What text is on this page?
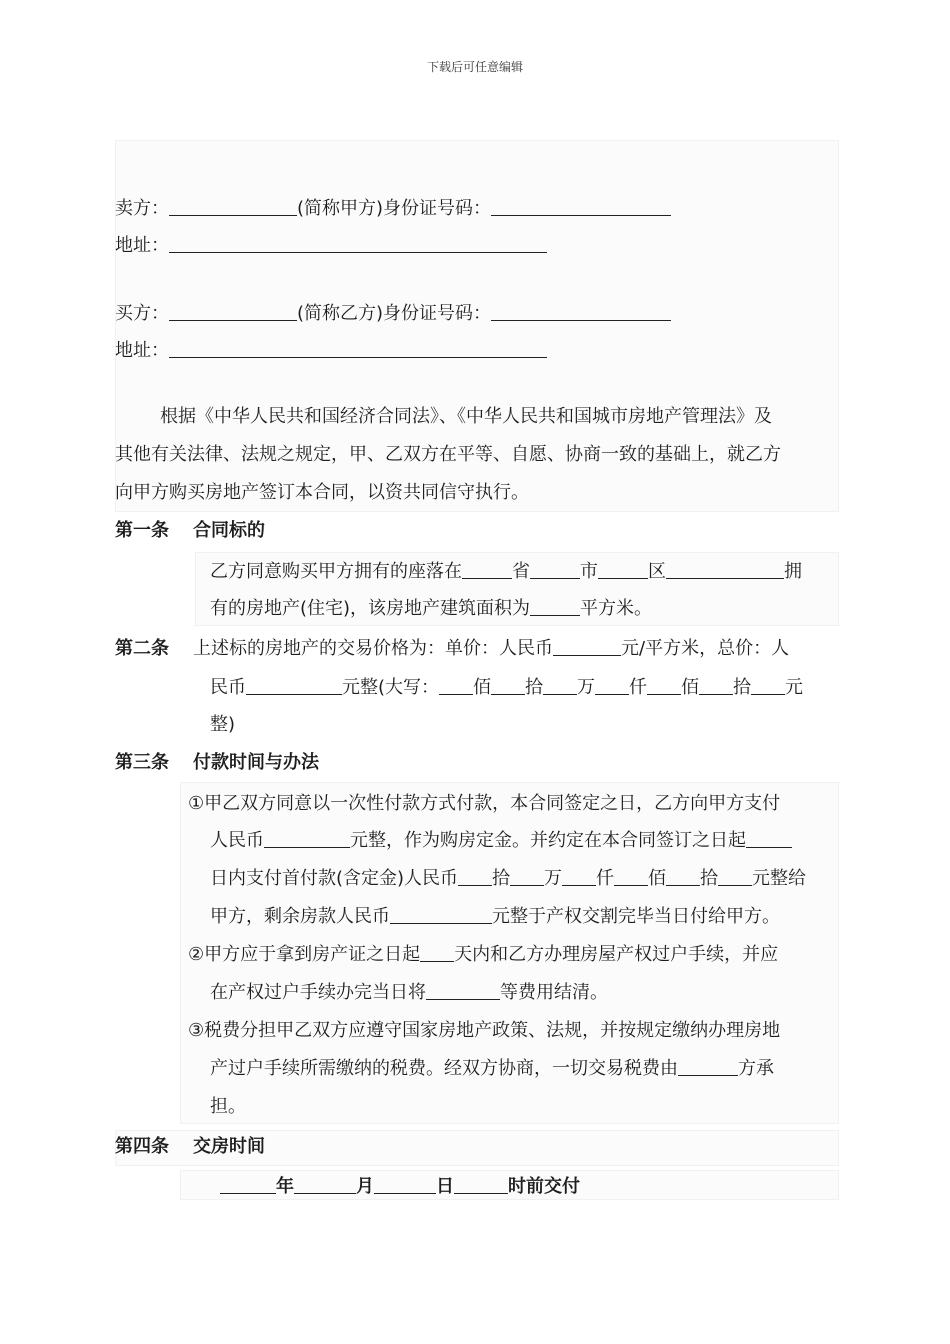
下载后可任意编辑
卖方：	(简称甲方)身份证号码：
地址：
买方：	(简称乙方)身份证号码：
地址：
根据《中华人民共和国经济合同法》、《中华人民共和国城市房地产管理法》及
其他有关法律、法规之规定，甲、乙双方在平等、自愿、协商一致的基础上，就乙方
向甲方购买房地产签订本合同，以资共同信守执行。
第一条 合同标的
乙方同意购买甲方拥有的座落在	省	市	区	拥
有的房地产(住宅)，该房地产建筑面积为	平方米。
第二条 上述标的房地产的交易价格为：单价：人民币	元/平方米，总价：人
民币	元整(大写： 佰 拾 万 仟 佰 拾 元
整)
第三条 付款时间与办法
①甲乙双方同意以一次性付款方式付款，本合同签定之日，乙方向甲方支付
人民币	元整，作为购房定金。并约定在本合同签订之日起
日内支付首付款(含定金)人民币 拾 万 仟 佰 拾 元整给
甲方，剩余房款人民币	元整于产权交割完毕当日付给甲方。
②甲方应于拿到房产证之日起 天内和乙方办理房屋产权过户手续，并应
在产权过户手续办完当日将	等费用结清。
③税费分担甲乙双方应遵守国家房地产政策、法规，并按规定缴纳办理房地
产过户手续所需缴纳的税费。经双方协商，一切交易税费由	方承
担。
第四条 交房时间
年	月	日	时前交付
